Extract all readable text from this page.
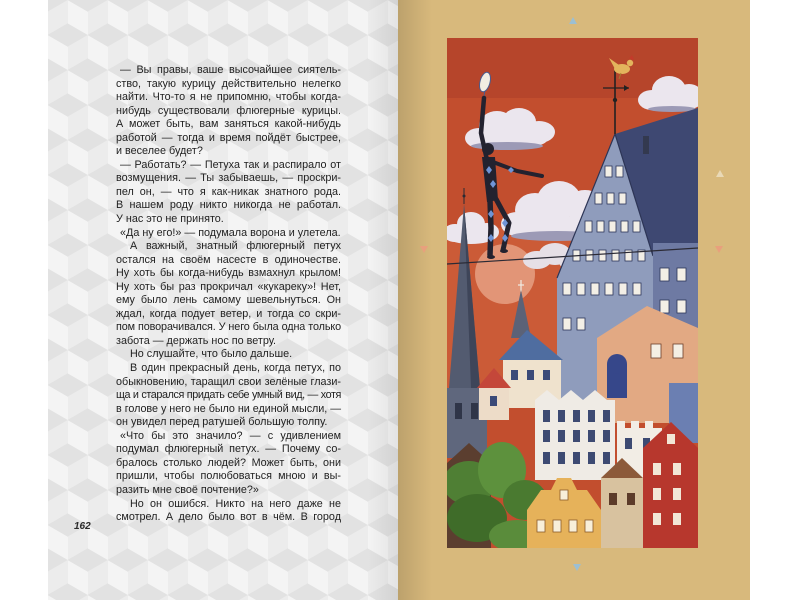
— Вы правы, ваше высочайшее сиятель-
ство, такую курицу действительно нелегко
найти. Что-то я не припомню, чтобы когда-
нибудь существовали флюгерные курицы.
А может быть, вам заняться какой-нибудь
работой — тогда и время пойдёт быстрее,
и веселее будет?
— Работать? — Петуха так и распирало от
возмущения. — Ты забываешь, — проскри-
пел он, — что я как-никак знатного рода.
В нашем роду никто никогда не работал.
У нас это не принято.
«Да ну его!» — подумала ворона и улетела.
А важный, знатный флюгерный петух
остался на своём насесте в одиночестве.
Ну хоть бы когда-нибудь взмахнул крылом!
Ну хоть бы раз прокричал «кукареку»! Нет,
ему было лень самому шевельнуться. Он
ждал, когда подует ветер, и тогда со скри-
пом поворачивался. У него была одна только
забота — держать нос по ветру.
Но слушайте, что было дальше.
В один прекрасный день, когда петух, по
обыкновению, таращил свои зелёные глази-
ща и старался придать себе умный вид, — хотя
в голове у него не было ни единой мысли, —
он увидел перед ратушей большую толпу.
«Что бы это значило? — с удивлением
подумал флюгерный петух. — Почему со-
бралось столько людей? Может быть, они
пришли, чтобы полюбоваться мною и вы-
разить мне своё почтение?»
Но он ошибся. Никто на него даже не
смотрел. А дело было вот в чём. В город
162
